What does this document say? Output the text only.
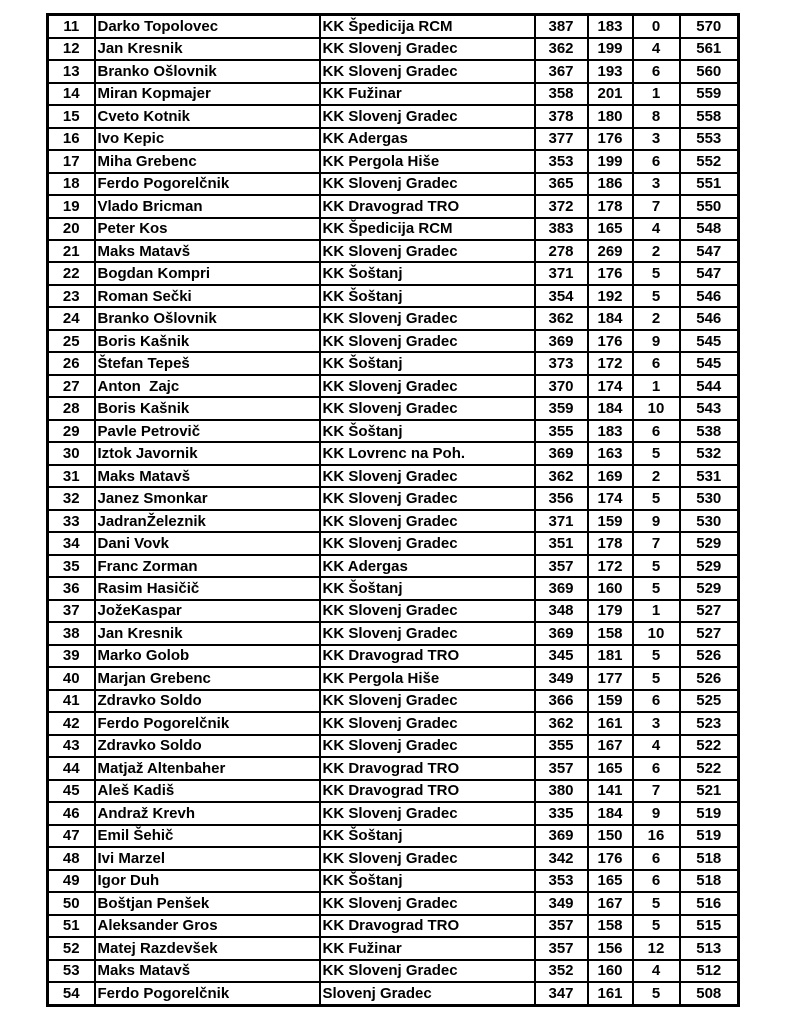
11	Darko Topolovec	KK Špedicija RCM	387	183	0	570
12	Jan Kresnik	KK Slovenj Gradec	362	199	4	561
13	Branko Ošlovnik	KK Slovenj Gradec	367	193	6	560
14	Miran Kopmajer	KK Fužinar	358	201	1	559
15	Cveto Kotnik	KK Slovenj Gradec	378	180	8	558
16	Ivo Kepic	KK Adergas	377	176	3	553
17	Miha Grebenc	KK Pergola Hiše	353	199	6	552
18	Ferdo Pogorelčnik	KK Slovenj Gradec	365	186	3	551
19	Vlado Bricman	KK Dravograd TRO	372	178	7	550
20	Peter Kos	KK Špedicija RCM	383	165	4	548
21	Maks Matavš	KK Slovenj Gradec	278	269	2	547
22	Bogdan Kompri	KK Šoštanj	371	176	5	547
23	Roman Sečki	KK Šoštanj	354	192	5	546
24	Branko Ošlovnik	KK Slovenj Gradec	362	184	2	546
25	Boris Kašnik	KK Slovenj Gradec	369	176	9	545
26	Štefan Tepeš	KK Šoštanj	373	172	6	545
27	Anton  Zajc	KK Slovenj Gradec	370	174	1	544
28	Boris Kašnik	KK Slovenj Gradec	359	184	10	543
29	Pavle Petrovič	KK Šoštanj	355	183	6	538
30	Iztok Javornik	KK Lovrenc na Poh.	369	163	5	532
31	Maks Matavš	KK Slovenj Gradec	362	169	2	531
32	Janez Smonkar	KK Slovenj Gradec	356	174	5	530
33	JadranŽeleznik	KK Slovenj Gradec	371	159	9	530
34	Dani Vovk	KK Slovenj Gradec	351	178	7	529
35	Franc Zorman	KK Adergas	357	172	5	529
36	Rasim Hasičič	KK Šoštanj	369	160	5	529
37	JožeKaspar	KK Slovenj Gradec	348	179	1	527
38	Jan Kresnik	KK Slovenj Gradec	369	158	10	527
39	Marko Golob	KK Dravograd TRO	345	181	5	526
40	Marjan Grebenc	KK Pergola Hiše	349	177	5	526
41	Zdravko Soldo	KK Slovenj Gradec	366	159	6	525
42	Ferdo Pogorelčnik	KK Slovenj Gradec	362	161	3	523
43	Zdravko Soldo	KK Slovenj Gradec	355	167	4	522
44	Matjaž Altenbaher	KK Dravograd TRO	357	165	6	522
45	Aleš Kadiš	KK Dravograd TRO	380	141	7	521
46	Andraž Krevh	KK Slovenj Gradec	335	184	9	519
47	Emil Šehič	KK Šoštanj	369	150	16	519
48	Ivi Marzel	KK Slovenj Gradec	342	176	6	518
49	Igor Duh	KK Šoštanj	353	165	6	518
50	Boštjan Penšek	KK Slovenj Gradec	349	167	5	516
51	Aleksander Gros	KK Dravograd TRO	357	158	5	515
52	Matej Razdevšek	KK Fužinar	357	156	12	513
53	Maks Matavš	KK Slovenj Gradec	352	160	4	512
54	Ferdo Pogorelčnik	Slovenj Gradec	347	161	5	508
